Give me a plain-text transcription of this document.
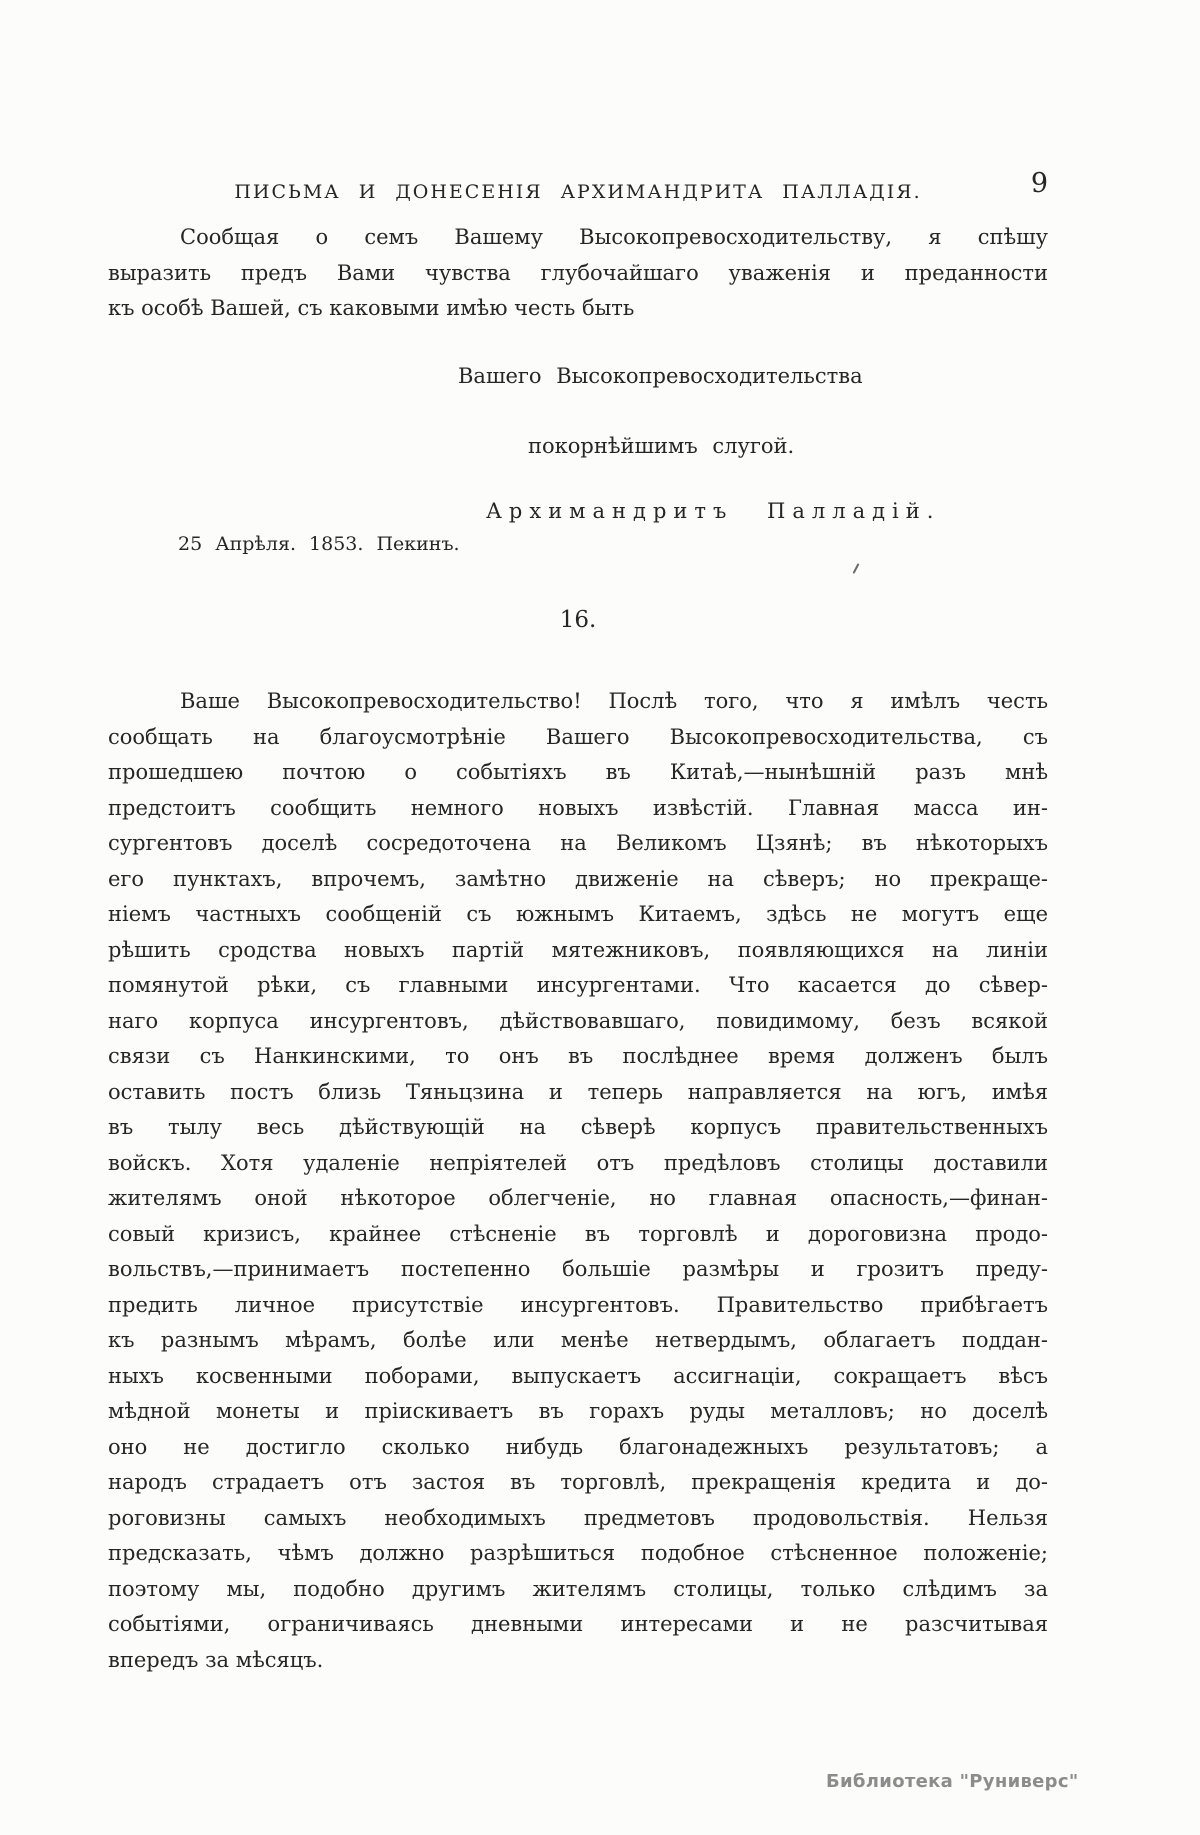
ПИСЬМА И ДОНЕСЕНІЯ АРХИМАНДРИТА ПАЛЛАДІЯ.	9
Сообщая о семъ Вашему Высокопревосходительству, я спѣшу
выразить предъ Вами чувства глубочайшаго уваженія и преданности
къ особѣ Вашей, съ каковыми имѣю честь быть
Вашего Высокопревосходительства
покорнѣйшимъ слугой.
Архимандритъ Палладій.
25 Апрѣля. 1853. Пекинъ.
16.
Ваше Высокопревосходительство! Послѣ того, что я имѣлъ честь
сообщать на благоусмотрѣніе Вашего Высокопревосходительства, съ
прошедшею почтою о событіяхъ въ Китаѣ,—нынѣшній разъ мнѣ
предстоитъ сообщить немного новыхъ извѣстій. Главная масса ин-
сургентовъ доселѣ сосредоточена на Великомъ Цзянѣ; въ нѣкоторыхъ
его пунктахъ, впрочемъ, замѣтно движеніе на сѣверъ; но прекраще-
ніемъ частныхъ сообщеній съ южнымъ Китаемъ, здѣсь не могутъ еще
рѣшить сродства новыхъ партій мятежниковъ, появляющихся на линіи
помянутой рѣки, съ главными инсургентами. Что касается до сѣвер-
наго корпуса инсургентовъ, дѣйствовавшаго, повидимому, безъ всякой
связи съ Нанкинскими, то онъ въ послѣднее время долженъ былъ
оставить постъ близь Тяньцзина и теперь направляется на югъ, имѣя
въ тылу весь дѣйствующій на сѣверѣ корпусъ правительственныхъ
войскъ. Хотя удаленіе непріятелей отъ предѣловъ столицы доставили
жителямъ оной нѣкоторое облегченіе, но главная опасность,—финан-
совый кризисъ, крайнее стѣсненіе въ торговлѣ и дороговизна продо-
вольствъ,—принимаетъ постепенно большіе размѣры и грозитъ преду-
предить личное присутствіе инсургентовъ. Правительство прибѣгаетъ
къ разнымъ мѣрамъ, болѣе или менѣе нетвердымъ, облагаетъ поддан-
ныхъ косвенными поборами, выпускаетъ ассигнаціи, сокращаетъ вѣсъ
мѣдной монеты и пріискиваетъ въ горахъ руды металловъ; но доселѣ
оно не достигло сколько нибудь благонадежныхъ результатовъ; а
народъ страдаетъ отъ застоя въ торговлѣ, прекращенія кредита и до-
роговизны самыхъ необходимыхъ предметовъ продовольствія. Нельзя
предсказать, чѣмъ должно разрѣшиться подобное стѣсненное положеніе;
поэтому мы, подобно другимъ жителямъ столицы, только слѣдимъ за
событіями, ограничиваясь дневными интересами и не разсчитывая
впередъ за мѣсяцъ.
Библиотека "Руниверс"
